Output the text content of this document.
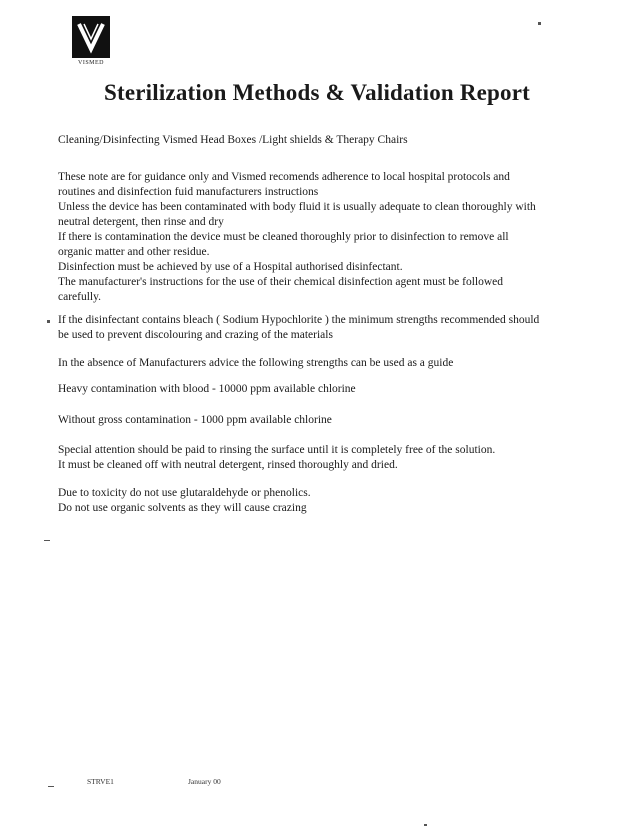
VISMED
Sterilization Methods & Validation Report

Cleaning/Disinfecting Vismed Head Boxes /Light shields & Therapy Chairs

These note are for guidance only and Vismed recomends adherence to local hospital protocols and
routines and disinfection fuid manufacturers instructions
Unless the device has been contaminated with body fluid it is usually adequate to clean thoroughly with
neutral detergent, then rinse and dry
If there is contamination the device must be cleaned thoroughly prior to disinfection to remove all
organic matter and other residue.
Disinfection must be achieved by use of a Hospital authorised disinfectant.
The manufacturer's instructions for the use of their chemical disinfection agent must be followed
carefully.
If the disinfectant contains bleach ( Sodium Hypochlorite ) the minimum strengths recommended should
be used to prevent discolouring and crazing of the materials

In the absence of Manufacturers advice the following strengths can be used as a guide

Heavy contamination with blood - 10000 ppm available chlorine

Without gross contamination - 1000 ppm available chlorine

Special attention should be paid to rinsing the surface until it is completely free of the solution.
It must be cleaned off with neutral detergent, rinsed thoroughly and dried.
Due to toxicity do not use glutaraldehyde or phenolics.
Do not use organic solvents as they will cause crazing
STRVE1	January 00
